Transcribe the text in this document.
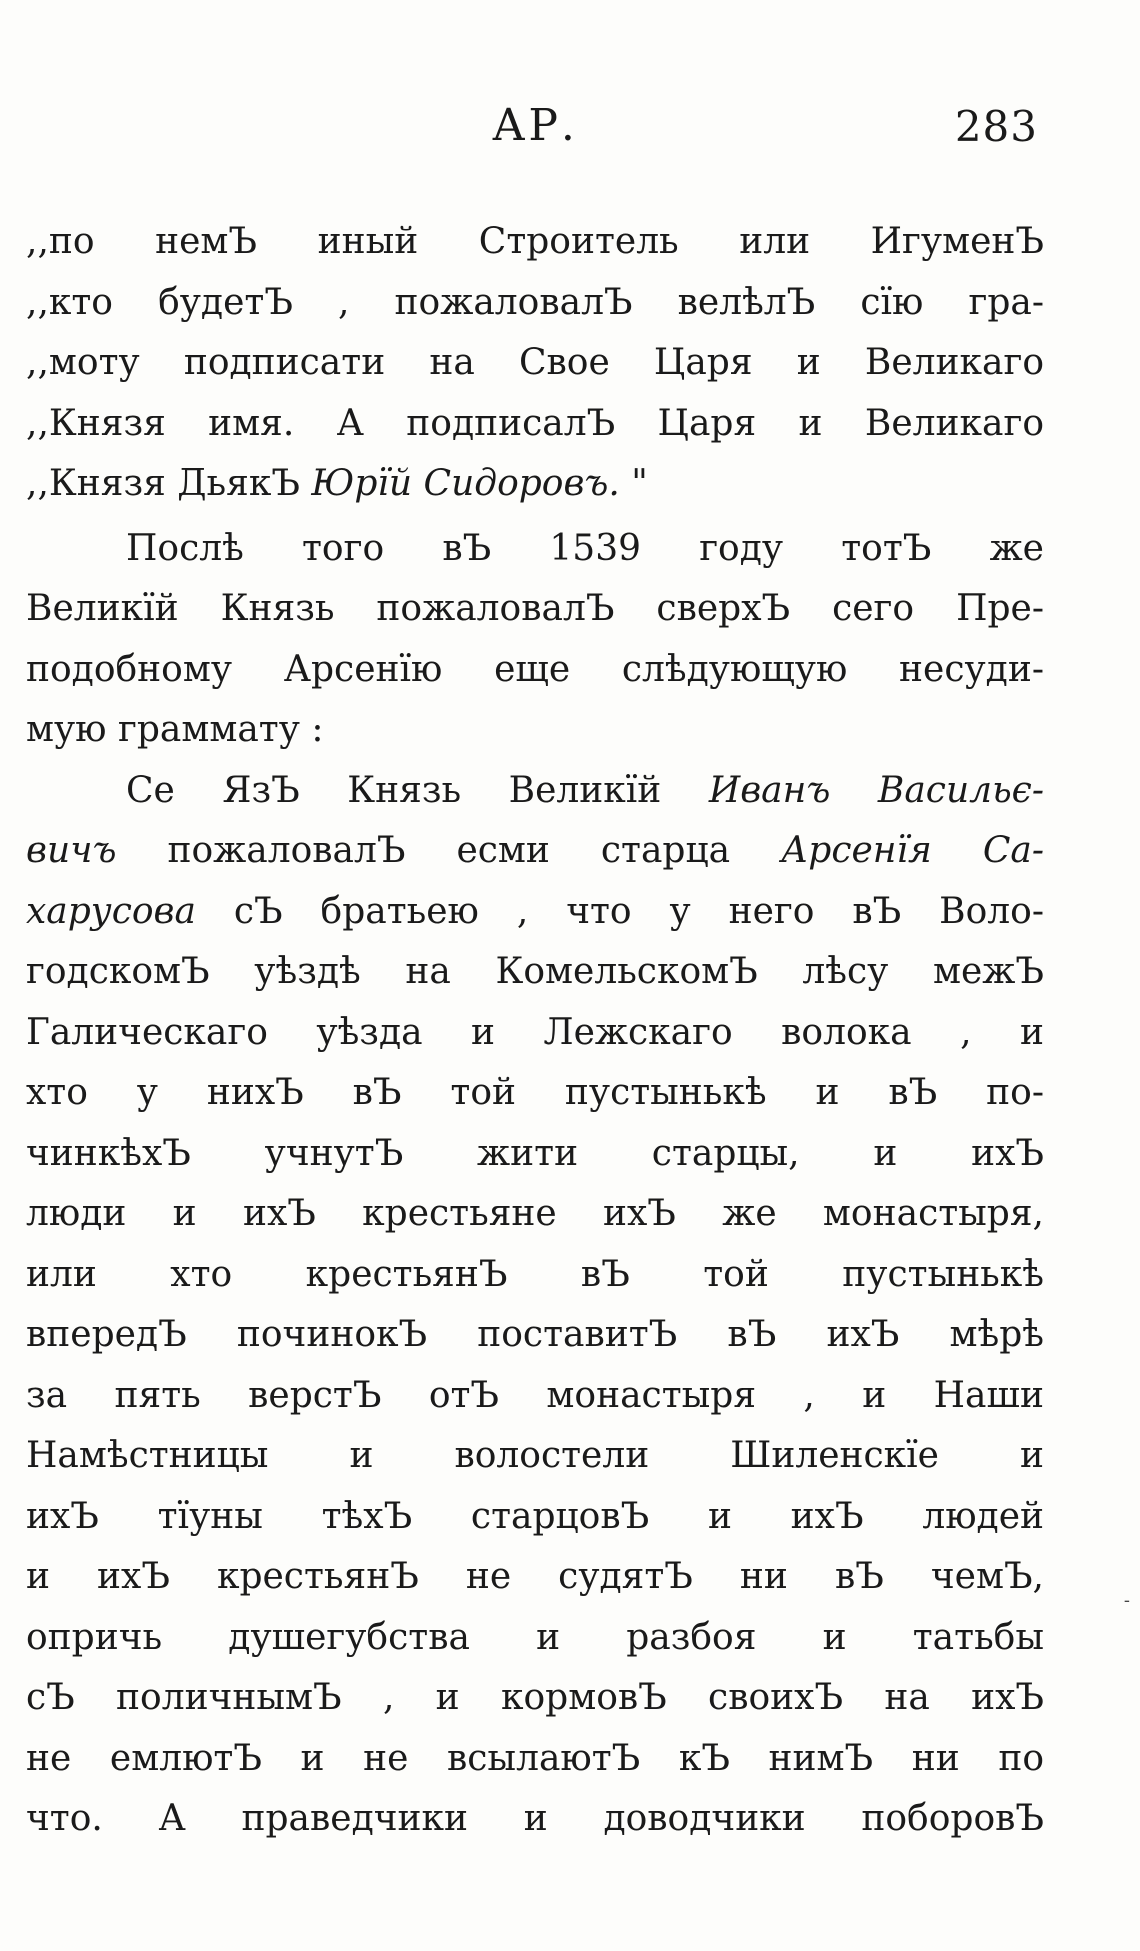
АР.	283
,,по немЪ иный Строитель или ИгуменЪ
,,кто будетЪ , пожаловалЪ велѣлЪ сїю гра-
,,моту подписати на Свое Царя и Великаго
,,Князя имя. А подписалЪ Царя и Великаго
,,Князя ДьякЪ Юрїй Сидоровъ. "
Послѣ того вЪ 1539 году тотЪ же
Великїй Князь пожаловалЪ сверхЪ сего Пре-
подобному Арсенїю еще слѣдующую несуди-
мую граммату :
Се ЯзЪ Князь Великїй Иванъ Васильє-
вичъ пожаловалЪ есми старца Арсенїя Са-
харусова сЪ братьею , что у него вЪ Воло-
годскомЪ уѣздѣ на КомельскомЪ лѣсу межЪ
Галическаго уѣзда и Лежскаго волока , и
хто у нихЪ вЪ той пустынькѣ и вЪ по-
чинкѣхЪ учнутЪ жити старцы, и ихЪ
люди и ихЪ крестьяне ихЪ же монастыря,
или хто крестьянЪ вЪ той пустынькѣ
впередЪ починокЪ поставитЪ вЪ ихЪ мѣрѣ
за пять верстЪ отЪ монастыря , и Наши
Намѣстницы и волостели Шиленскїе и
ихЪ тїуны тѣхЪ старцовЪ и ихЪ людей
и ихЪ крестьянЪ не судятЪ ни вЪ чемЪ,
опричь душегубства и разбоя и татьбы
сЪ поличнымЪ , и кормовЪ своихЪ на ихЪ
не емлютЪ и не всылаютЪ кЪ нимЪ ни по
что. А праведчики и доводчики поборовЪ
-
